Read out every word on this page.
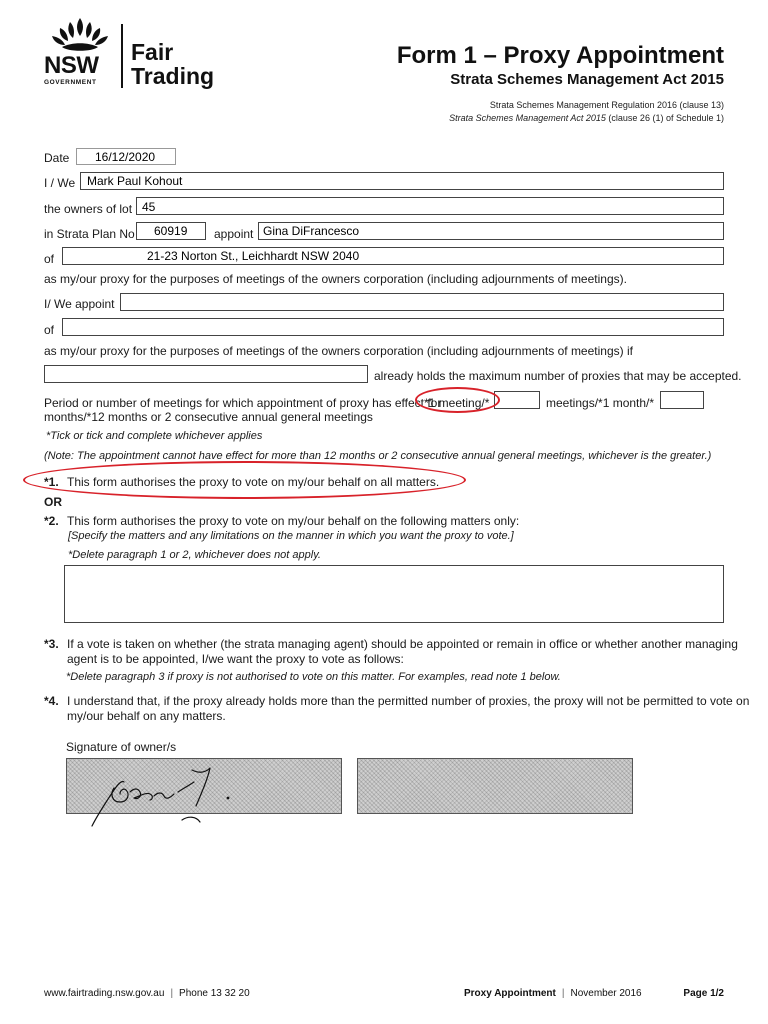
NSW
GOVERNMENT
Fair
Trading
Form 1 – Proxy Appointment
Strata Schemes Management Act 2015
Strata Schemes Management Regulation 2016 (clause 13)
Strata Schemes Management Act 2015 (clause 26 (1) of Schedule 1)
Date 16/12/2020
I / We Mark Paul Kohout
the owners of lot 45
in Strata Plan No 60919 appoint Gina DiFrancesco
of	21-23 Norton St., Leichhardt NSW 2040
as my/our proxy for the purposes of meetings of the owners corporation (including adjournments of meetings).
I/ We appoint
of
as my/our proxy for the purposes of meetings of the owners corporation (including adjournments of meetings) if
already holds the maximum number of proxies that may be accepted.
Period or number of meetings for which appointment of proxy has effect for
*1 meeting/*	meetings/*1 month/*
months/*12 months or 2 consecutive annual general meetings
*Tick or tick and complete whichever applies
(Note: The appointment cannot have effect for more than 12 months or 2 consecutive annual general meetings, whichever is the greater.)
*1. This form authorises the proxy to vote on my/our behalf on all matters.
OR
*2. This form authorises the proxy to vote on my/our behalf on the following matters only:
[Specify the matters and any limitations on the manner in which you want the proxy to vote.]
*Delete paragraph 1 or 2, whichever does not apply.
*3. If a vote is taken on whether (the strata managing agent) should be appointed or remain in office or whether another managing
agent is to be appointed, I/we want the proxy to vote as follows:
*Delete paragraph 3 if proxy is not authorised to vote on this matter. For examples, read note 1 below.
*4. I understand that, if the proxy already holds more than the permitted number of proxies, the proxy will not be permitted to vote on
my/our behalf on any matters.
Signature of owner/s
www.fairtrading.nsw.gov.au | Phone 13 32 20	Proxy Appointment | November 2016	Page 1/2
